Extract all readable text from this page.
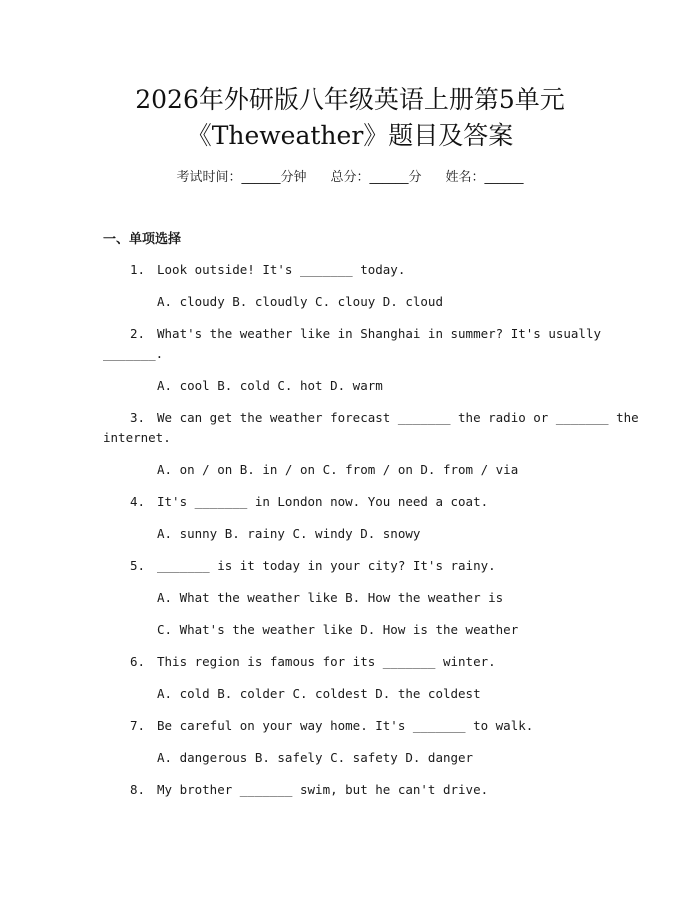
2026年外研版八年级英语上册第5单元
《Theweather》题目及答案
考试时间：______分钟 总分：______分 姓名：______
一、单项选择
1. Look outside! It's _______ today.
A. cloudy B. cloudly C. clouy D. cloud
2. What's the weather like in Shanghai in summer? It's usually
_______.
A. cool B. cold C. hot D. warm
3. We can get the weather forecast _______ the radio or _______ the
internet.
A. on / on B. in / on C. from / on D. from / via
4. It's _______ in London now. You need a coat.
A. sunny B. rainy C. windy D. snowy
5. _______ is it today in your city? It's rainy.
A. What the weather like B. How the weather is
C. What's the weather like D. How is the weather
6. This region is famous for its _______ winter.
A. cold B. colder C. coldest D. the coldest
7. Be careful on your way home. It's _______ to walk.
A. dangerous B. safely C. safety D. danger
8. My brother _______ swim, but he can't drive.
